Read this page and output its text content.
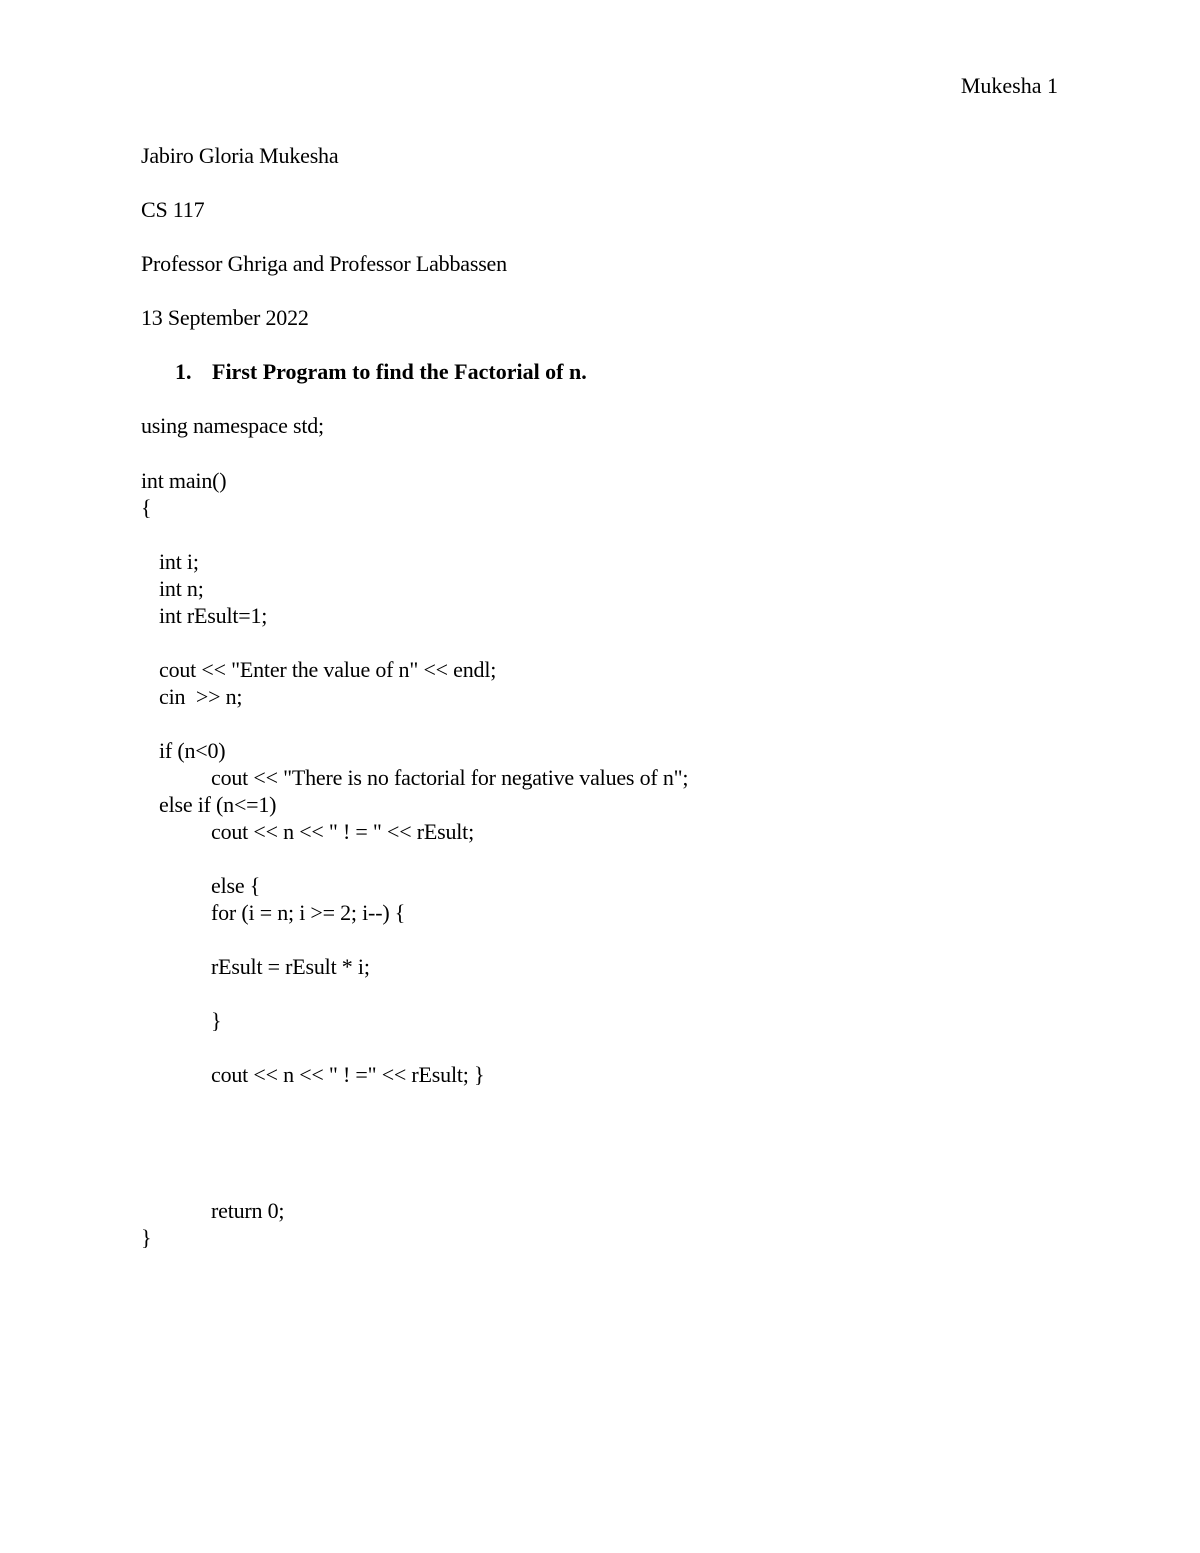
Mukesha 1
Jabiro Gloria Mukesha
CS 117
Professor Ghriga and Professor Labbassen
13 September 2022

1.

First Program to find the Factorial of n.

using namespace std;
int main()
{
int i;
int n;
int rEsult=1;
cout << "Enter the value of n" << endl;
cin  >> n;
if (n<0)
cout << "There is no factorial for negative values of n";
else if (n<=1)
cout << n << " ! = " << rEsult;
else {
for (i = n; i >= 2; i--) {
rEsult = rEsult * i;
}
cout << n << " ! =" << rEsult; }
return 0;
}
